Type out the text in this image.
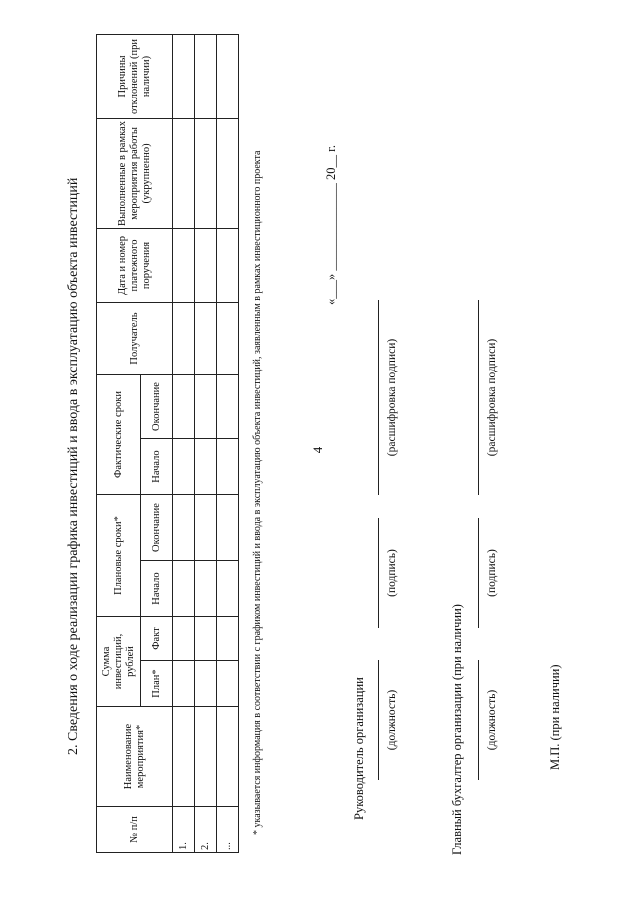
4
2. Сведения о ходе реализации графика инвестиций и ввода в эксплуатацию объекта инвестиций
№ п/п	Наименование мероприятия*	Сумма инвестиций, рублей		Плановые сроки*		Фактические сроки		Получатель	Дата и номер платежного поручения	Выполненные в рамках мероприятия работы (укрупненно)	Причины отклонений (при наличии)
		План*	Факт	Начало	Окончание	Начало	Окончание				
1.											
2.											
...											
* указывается информация в соответствии с графиком инвестиций и ввода в эксплуатацию объекта инвестиций, заявленным в рамках инвестиционного проекта	«___» ______________ 20__ г.
Руководитель организации (должность)
(подпись)
(расшифровка подписи)
Главный бухгалтер организации (при наличии) (должность)
(подпись)
(расшифровка подписи)
М.П. (при наличии)
